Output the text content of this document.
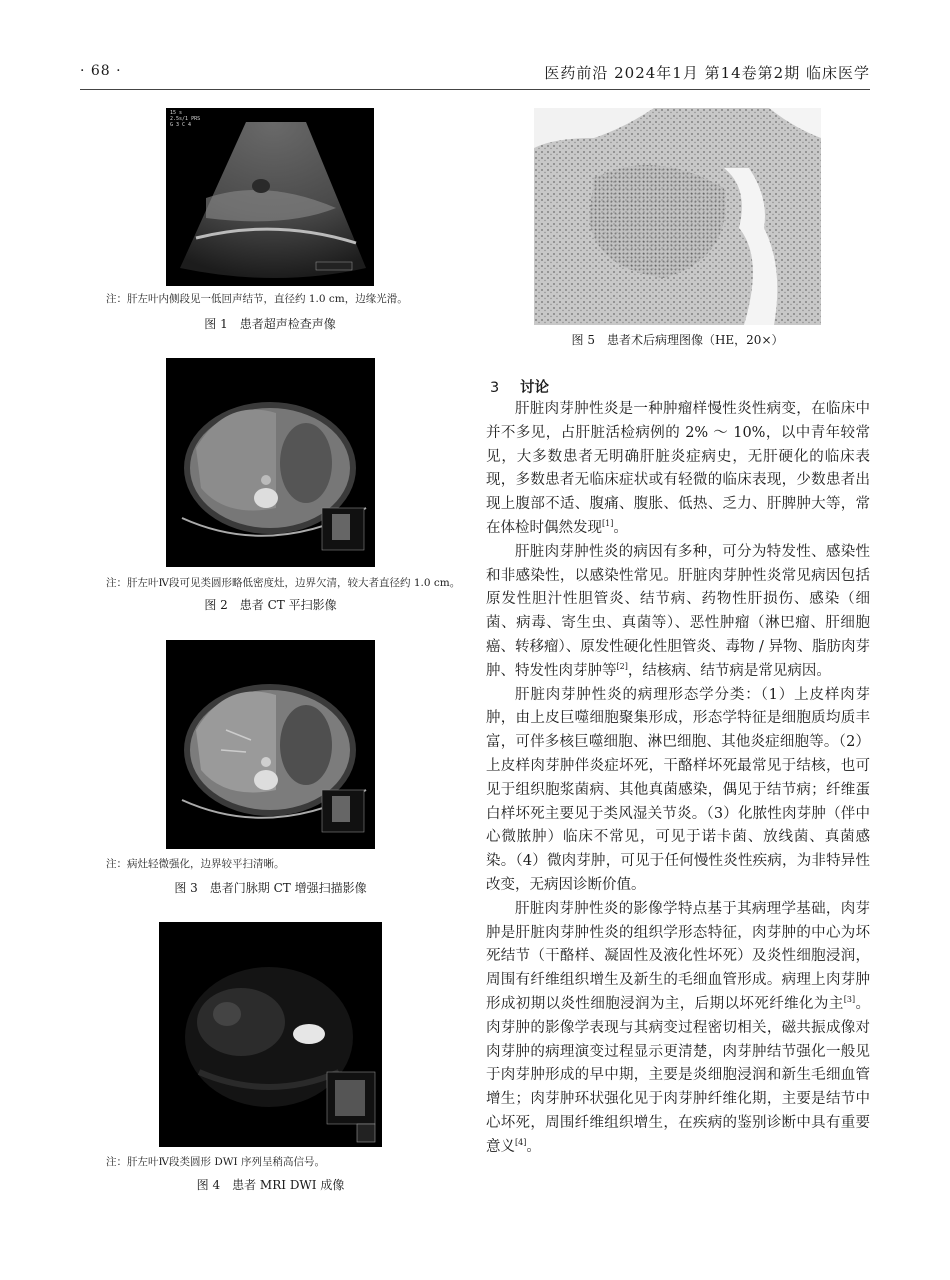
· 68 ·	医药前沿 2024年1月 第14卷第2期 临床医学
15 s
2.5s/1 PRS
G 3 C 4
注：肝左叶内侧段见一低回声结节，直径约 1.0 cm，边缘光滑。
图 1　患者超声检查声像
注：肝左叶Ⅳ段可见类圆形略低密度灶，边界欠清，较大者直径约 1.0 cm。
图 2　患者 CT 平扫影像
注：病灶轻微强化，边界较平扫清晰。
图 3　患者门脉期 CT 增强扫描影像
注：肝左叶Ⅳ段类圆形 DWI 序列呈稍高信号。
图 4　患者 MRI DWI 成像
图 5　患者术后病理图像（HE，20×）
3 讨论

肝脏肉芽肿性炎是一种肿瘤样慢性炎性病变，在临床中并不多见，占肝脏活检病例的 2% ～ 10%，以中青年较常见，大多数患者无明确肝脏炎症病史，无肝硬化的临床表现，多数患者无临床症状或有轻微的临床表现，少数患者出现上腹部不适、腹痛、腹胀、低热、乏力、肝脾肿大等，常在体检时偶然发现[1]。

肝脏肉芽肿性炎的病因有多种，可分为特发性、感染性和非感染性，以感染性常见。肝脏肉芽肿性炎常见病因包括原发性胆汁性胆管炎、结节病、药物性肝损伤、感染（细菌、病毒、寄生虫、真菌等）、恶性肿瘤（淋巴瘤、肝细胞癌、转移瘤）、原发性硬化性胆管炎、毒物 / 异物、脂肪肉芽肿、特发性肉芽肿等[2]，结核病、结节病是常见病因。

肝脏肉芽肿性炎的病理形态学分类：（1）上皮样肉芽肿，由上皮巨噬细胞聚集形成，形态学特征是细胞质均质丰富，可伴多核巨噬细胞、淋巴细胞、其他炎症细胞等。（2）上皮样肉芽肿伴炎症坏死，干酪样坏死最常见于结核，也可见于组织胞浆菌病、其他真菌感染，偶见于结节病；纤维蛋白样坏死主要见于类风湿关节炎。（3）化脓性肉芽肿（伴中心微脓肿）临床不常见，可见于诺卡菌、放线菌、真菌感染。（4）微肉芽肿，可见于任何慢性炎性疾病，为非特异性改变，无病因诊断价值。

肝脏肉芽肿性炎的影像学特点基于其病理学基础，肉芽肿是肝脏肉芽肿性炎的组织学形态特征，肉芽肿的中心为坏死结节（干酪样、凝固性及液化性坏死）及炎性细胞浸润，周围有纤维组织增生及新生的毛细血管形成。病理上肉芽肿形成初期以炎性细胞浸润为主，后期以坏死纤维化为主[3]。肉芽肿的影像学表现与其病变过程密切相关，磁共振成像对肉芽肿的病理演变过程显示更清楚，肉芽肿结节强化一般见于肉芽肿形成的早中期，主要是炎细胞浸润和新生毛细血管增生；肉芽肿环状强化见于肉芽肿纤维化期，主要是结节中心坏死，周围纤维组织增生，在疾病的鉴别诊断中具有重要意义[4]。
